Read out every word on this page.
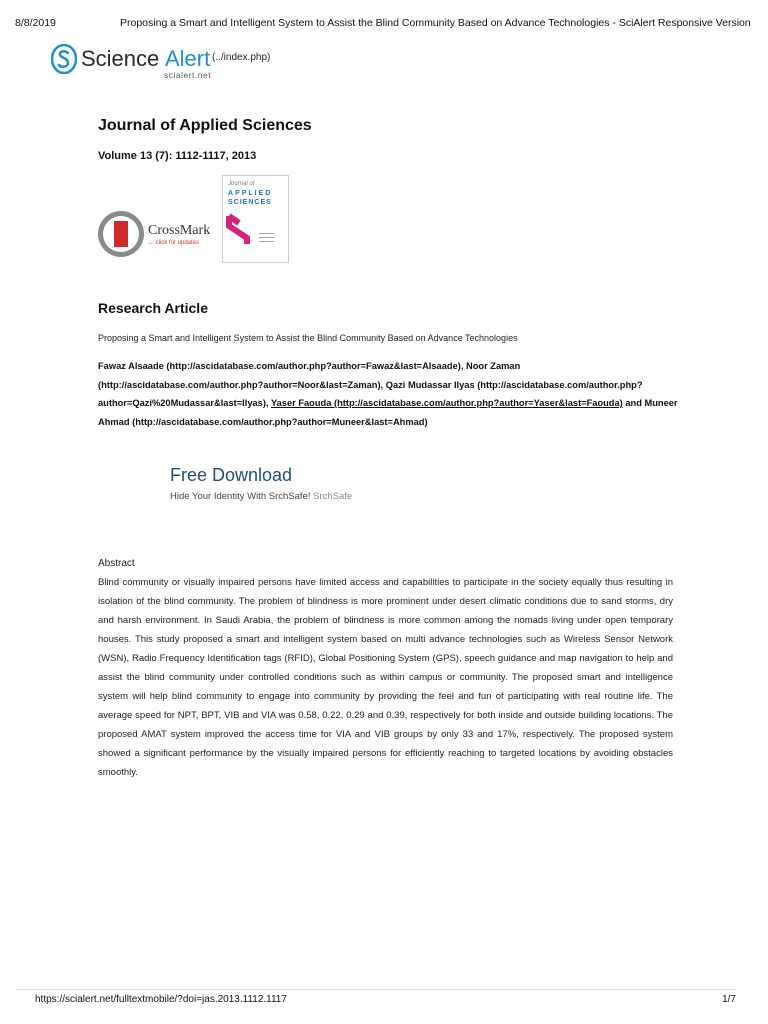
8/8/2019	Proposing a Smart and Intelligent System to Assist the Blind Community Based on Advance Technologies - SciAlert Responsive Version
Science Alert (../index.php)
scialert.net
Journal of Applied Sciences
Volume 13 (7): 1112-1117, 2013
CrossMark
← click for updates
Journal of
APPLIED
SCIENCES
▬▬▬▬▬ ▬▬▬▬▬ ▬▬▬▬▬
Research Article
Proposing a Smart and Intelligent System to Assist the Blind Community Based on Advance Technologies
Fawaz Alsaade (http://ascidatabase.com/author.php?author=Fawaz&last=Alsaade), Noor Zaman (http://ascidatabase.com/author.php?author=Noor&last=Zaman), Qazi Mudassar Ilyas (http://ascidatabase.com/author.php?author=Qazi%20Mudassar&last=Ilyas), Yaser Faouda (http://ascidatabase.com/author.php?author=Yaser&last=Faouda) and Muneer Ahmad (http://ascidatabase.com/author.php?author=Muneer&last=Ahmad)
Free Download
Hide Your Identity With SrchSafe! SrchSafe
Abstract

Blind community or visually impaired persons have limited access and capabilities to participate in the society equally thus resulting in isolation of the blind community. The problem of blindness is more prominent under desert climatic conditions due to sand storms, dry and harsh environment. In Saudi Arabia, the problem of blindness is more common among the nomads living under open temporary houses. This study proposed a smart and intelligent system based on multi advance technologies such as Wireless Sensor Network (WSN), Radio Frequency Identification tags (RFID), Global Positioning System (GPS), speech guidance and map navigation to help and assist the blind community under controlled conditions such as within campus or community. The proposed smart and intelligence system will help blind community to engage into community by providing the feel and fun of participating with real routine life. The average speed for NPT, BPT, VIB and VIA was 0.58, 0.22, 0.29 and 0.39, respectively for both inside and outside building locations. The proposed AMAT system improved the access time for VIA and VIB groups by only 33 and 17%, respectively. The proposed system showed a significant performance by the visually impaired persons for efficiently reaching to targeted locations by avoiding obstacles smoothly.

https://scialert.net/fulltextmobile/?doi=jas.2013.1112.1117	1/7
